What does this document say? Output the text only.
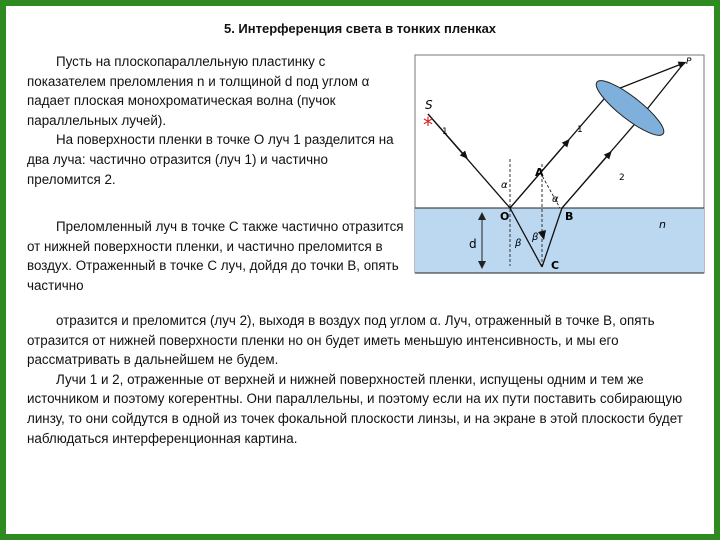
5. Интерференция света в тонких пленках

Пусть на плоскопараллельную пластинку с показателем преломления n и толщиной d под углом α падает плоская монохроматическая волна (пучок параллельных лучей).
На поверхности пленки в точке О луч 1 разделится на два луча: частично отразится (луч 1) и частично преломится 2.

Преломленный луч в точке С также частично отразится от нижней поверхности пленки, и частично преломится в воздух. Отраженный в точке С луч, дойдя до точки В, опять частично

отразится и преломится (луч 2), выходя в воздух под углом α. Луч, отраженный в точке В, опять отразится от нижней поверхности пленки но он будет иметь меньшую интенсивность, и мы его рассматривать в дальнейшем не будем.
Лучи 1 и 2, отраженные от верхней и нижней поверхностей пленки, испущены одним и тем же источником и поэтому когерентны. Они параллельны, и поэтому если на их пути поставить собирающую линзу, то они сойдутся в одной из точек фокальной плоскости линзы, и на экране в этой плоскости будет наблюдаться интерференционная картина.

d
n
*
S
P
1	1
2
A
O	B
C
α
α
β
β
